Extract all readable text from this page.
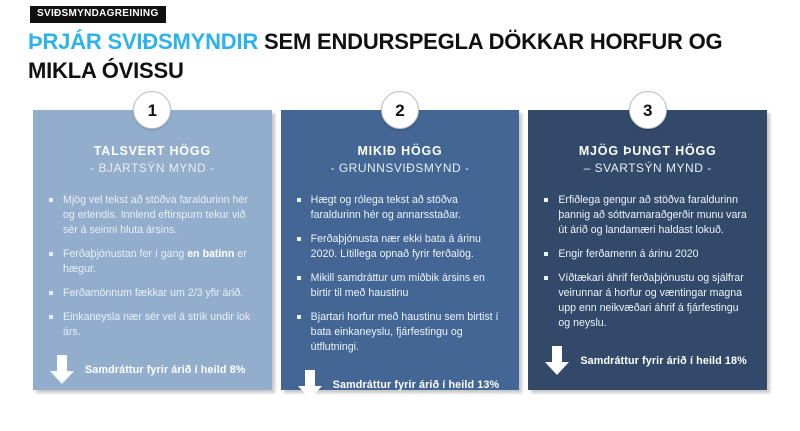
SVIÐSMYNDAGREINING
ÞRJÁR SVIÐSMYNDIR SEM ENDURSPEGLA DÖKKAR HORFUR OG MIKLA ÓVISSU
1
TALSVERT HÖGG
- BJARTSÝN MYND -
Mjög vel tekst að stöðva faraldurinn hér og erlendis. Innlend eftirspurn tekur við sér á seinni hluta ársins.
Ferðaþjónustan fer í gang en batinn er hægur.
Ferðamönnum fækkar um 2/3 yfir árið.
Einkaneysla nær sér vel á strik undir lok árs.
Samdráttur fyrir árið í heild 8%
2
MIKIÐ HÖGG
- GRUNNSVIÐSMYND -
Hægt og rólega tekst að stöðva faraldurinn hér og annarsstaðar.
Ferðaþjónusta nær ekki bata á árinu 2020. Lítillega opnað fyrir ferðalög.
Mikill samdráttur um miðbik ársins en birtir til með haustinu
Bjartari horfur með haustinu sem birtist í bata einkaneyslu, fjárfestingu og útflutningi.
Samdráttur fyrir árið í heild 13%
3
MJÖG ÞUNGT HÖGG
– SVARTSÝN MYND -
Erfiðlega gengur að stöðva faraldurinn þannig að sóttvarnaraðgerðir munu vara út árið og landamæri haldast lokuð.
Engir ferðamenn á árinu 2020
Víðtækari áhrif ferðaþjónustu og sjálfrar veirunnar á horfur og væntingar magna upp enn neikvæðari áhrif á fjárfestingu og neyslu.
Samdráttur fyrir árið í heild 18%
